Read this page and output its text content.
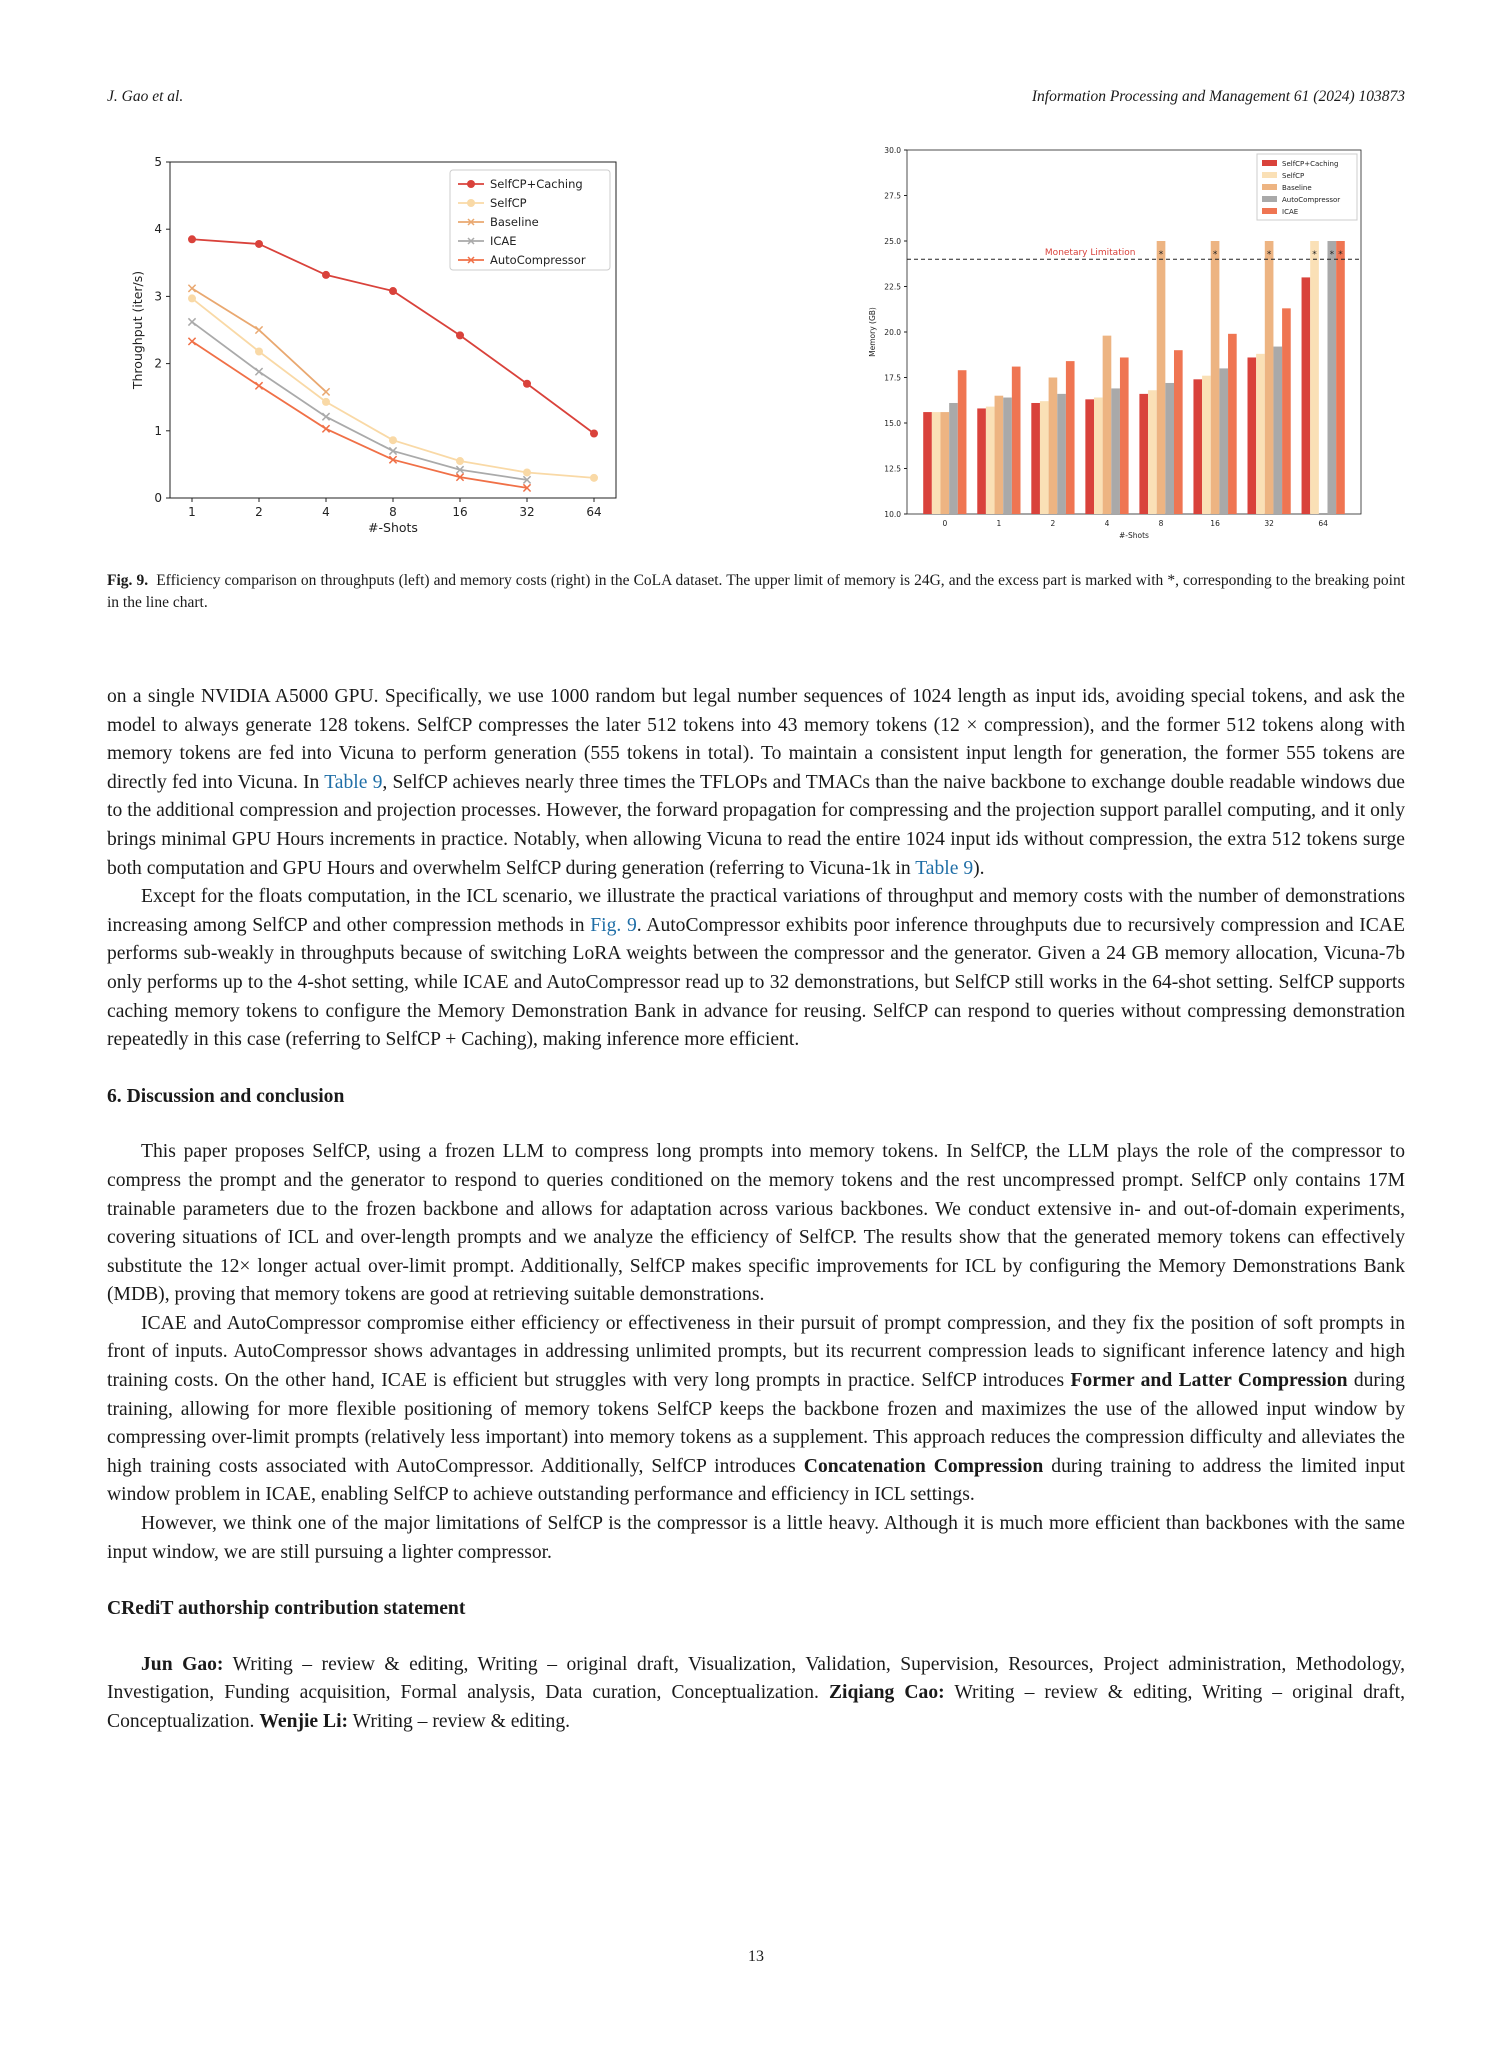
J. Gao et al.	Information Processing and Management 61 (2024) 103873
0
1
2
3
4
5
1	2	4	8	16	32	64
#-Shots
Throughput (iter/s)
SelfCP+Caching
SelfCP
Baseline
ICAE
AutoCompressor
10.0
12.5
15.0
17.5
20.0
22.5
25.0
27.5
30.0
0	1	2	4	8	16	32	64
#-Shots
Memory (GB)
*
*	*	*	* *
Monetary Limitation
SelfCP+Caching
SelfCP
Baseline
AutoCompressor
ICAE
Fig. 9. Efficiency comparison on throughputs (left) and memory costs (right) in the CoLA dataset. The upper limit of memory is 24G, and the excess part is marked with *, corresponding to the breaking point in the line chart.

on a single NVIDIA A5000 GPU. Specifically, we use 1000 random but legal number sequences of 1024 length as input ids, avoiding special tokens, and ask the model to always generate 128 tokens. SelfCP compresses the later 512 tokens into 43 memory tokens (12 × compression), and the former 512 tokens along with memory tokens are fed into Vicuna to perform generation (555 tokens in total). To maintain a consistent input length for generation, the former 555 tokens are directly fed into Vicuna. In Table 9, SelfCP achieves nearly three times the TFLOPs and TMACs than the naive backbone to exchange double readable windows due to the additional compression and projection processes. However, the forward propagation for compressing and the projection support parallel computing, and it only brings minimal GPU Hours increments in practice. Notably, when allowing Vicuna to read the entire 1024 input ids without compression, the extra 512 tokens surge both computation and GPU Hours and overwhelm SelfCP during generation (referring to Vicuna-1k in Table 9).

Except for the floats computation, in the ICL scenario, we illustrate the practical variations of throughput and memory costs with the number of demonstrations increasing among SelfCP and other compression methods in Fig. 9. AutoCompressor exhibits poor inference throughputs due to recursively compression and ICAE performs sub-weakly in throughputs because of switching LoRA weights between the compressor and the generator. Given a 24 GB memory allocation, Vicuna-7b only performs up to the 4-shot setting, while ICAE and AutoCompressor read up to 32 demonstrations, but SelfCP still works in the 64-shot setting. SelfCP supports caching memory tokens to configure the Memory Demonstration Bank in advance for reusing. SelfCP can respond to queries without compressing demonstration repeatedly in this case (referring to SelfCP + Caching), making inference more efficient.

6. Discussion and conclusion

This paper proposes SelfCP, using a frozen LLM to compress long prompts into memory tokens. In SelfCP, the LLM plays the role of the compressor to compress the prompt and the generator to respond to queries conditioned on the memory tokens and the rest uncompressed prompt. SelfCP only contains 17M trainable parameters due to the frozen backbone and allows for adaptation across various backbones. We conduct extensive in- and out-of-domain experiments, covering situations of ICL and over-length prompts and we analyze the efficiency of SelfCP. The results show that the generated memory tokens can effectively substitute the 12× longer actual over-limit prompt. Additionally, SelfCP makes specific improvements for ICL by configuring the Memory Demonstrations Bank (MDB), proving that memory tokens are good at retrieving suitable demonstrations.

ICAE and AutoCompressor compromise either efficiency or effectiveness in their pursuit of prompt compression, and they fix the position of soft prompts in front of inputs. AutoCompressor shows advantages in addressing unlimited prompts, but its recurrent compression leads to significant inference latency and high training costs. On the other hand, ICAE is efficient but struggles with very long prompts in practice. SelfCP introduces Former and Latter Compression during training, allowing for more flexible positioning of memory tokens SelfCP keeps the backbone frozen and maximizes the use of the allowed input window by compressing over-limit prompts (relatively less important) into memory tokens as a supplement. This approach reduces the compression difficulty and alleviates the high training costs associated with AutoCompressor. Additionally, SelfCP introduces Concatenation Compression during training to address the limited input window problem in ICAE, enabling SelfCP to achieve outstanding performance and efficiency in ICL settings.

However, we think one of the major limitations of SelfCP is the compressor is a little heavy. Although it is much more efficient than backbones with the same input window, we are still pursuing a lighter compressor.

CRediT authorship contribution statement

Jun Gao: Writing – review & editing, Writing – original draft, Visualization, Validation, Supervision, Resources, Project administration, Methodology, Investigation, Funding acquisition, Formal analysis, Data curation, Conceptualization. Ziqiang Cao: Writing – review & editing, Writing – original draft, Conceptualization. Wenjie Li: Writing – review & editing.

13
